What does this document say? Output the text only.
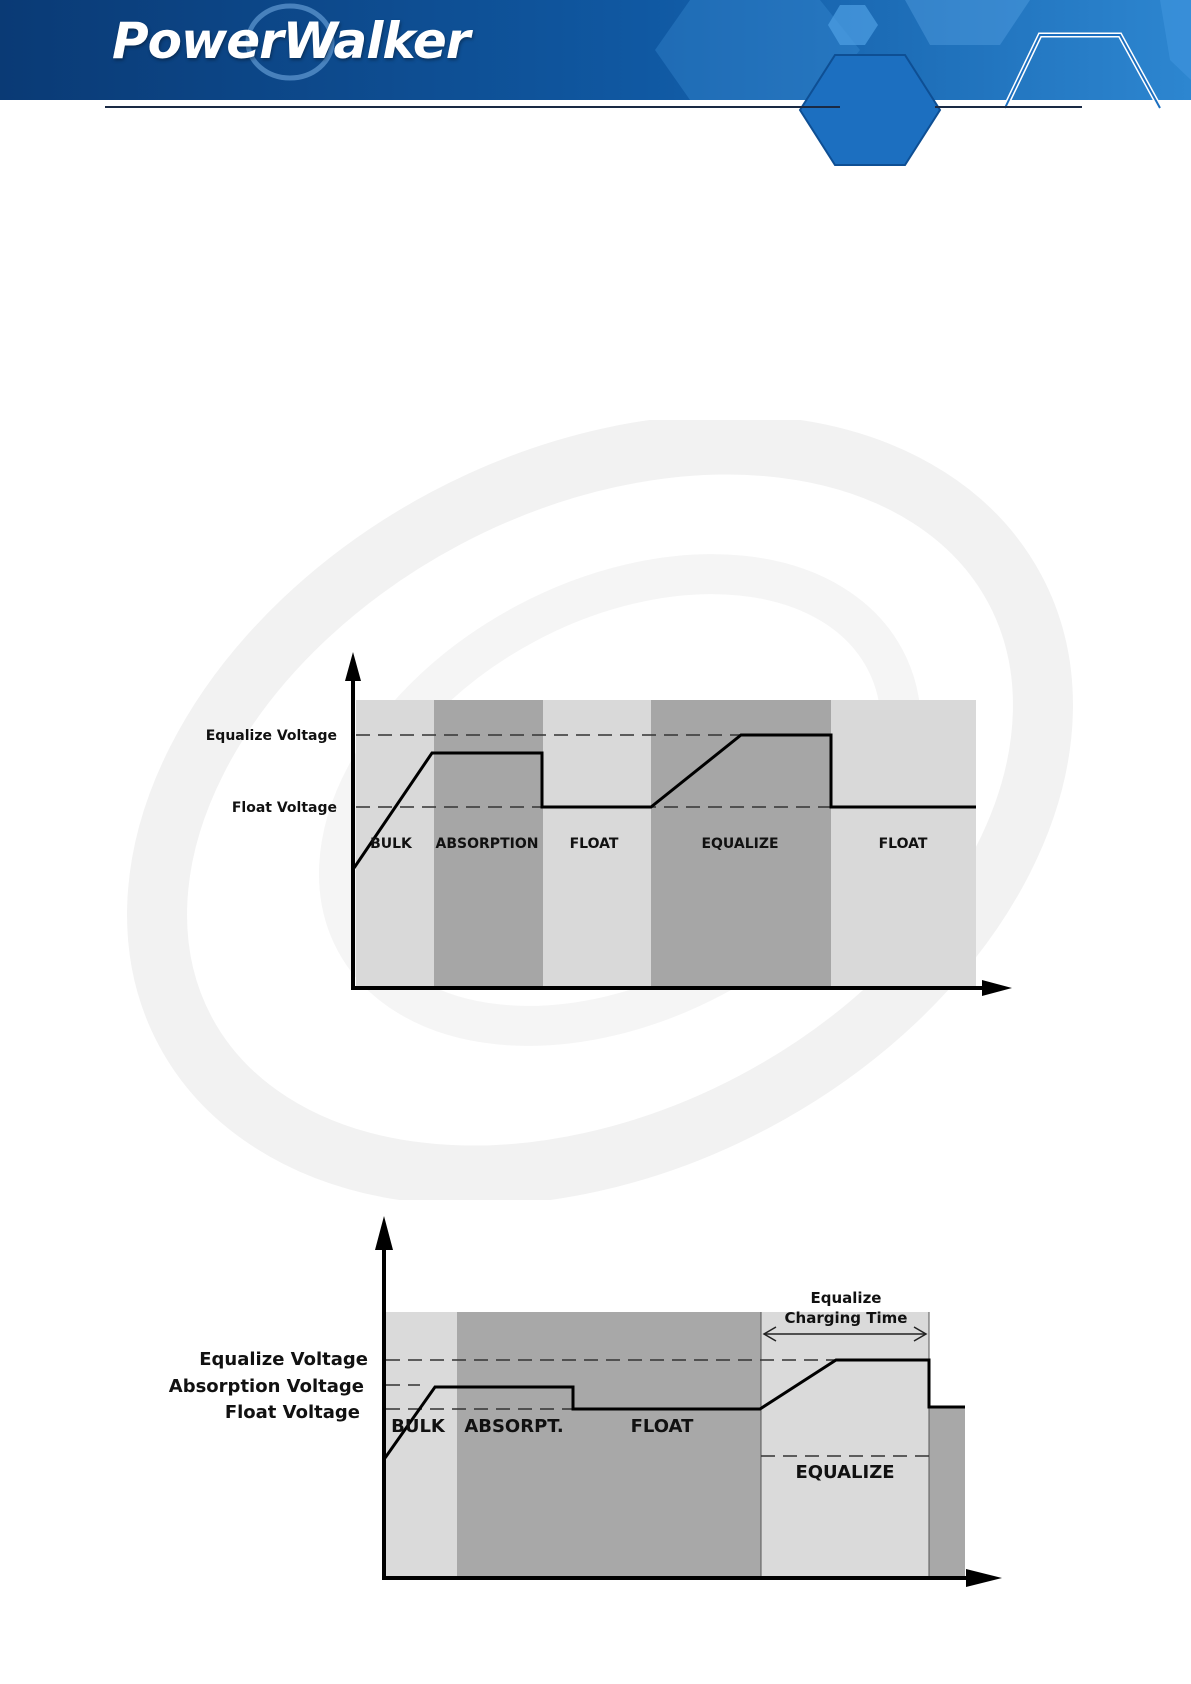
PowerWalker
Equalize Voltage
Float Voltage
BULK ABSORPTION FLOAT	EQUALIZE	FLOAT
Equalize Voltage
Absorption Voltage
Float Voltage
BULK ABSORPT.	FLOAT
EQUALIZE
Equalize
Charging Time
